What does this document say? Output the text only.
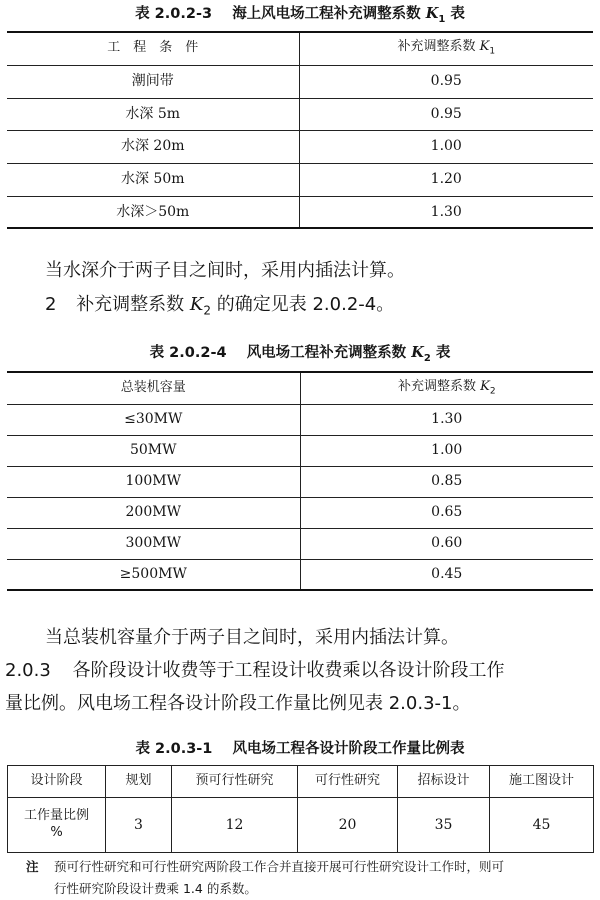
表 2.0.2-3 海上风电场工程补充调整系数 $K_1$ 表
工　程　条　件	补充调整系数 $K_1$
潮间带	0.95
水深 5m	0.95
水深 20m	1.00
水深 50m	1.20
水深＞50m	1.30
当水深介于两子目之间时，采用内插法计算。
2 补充调整系数 $K_2$ 的确定见表 2.0.2-4。
表 2.0.2-4 风电场工程补充调整系数 $K_2$ 表
总装机容量	补充调整系数 $K_2$
≤30MW	1.30
50MW	1.00
100MW	0.85
200MW	0.65
300MW	0.60
≥500MW	0.45
当总装机容量介于两子目之间时，采用内插法计算。
2.0.3 各阶段设计收费等于工程设计收费乘以各设计阶段工作
量比例。风电场工程各设计阶段工作量比例见表 2.0.3-1。
表 2.0.3-1 风电场工程各设计阶段工作量比例表
设计阶段	规划	预可行性研究	可行性研究	招标设计	施工图设计

工作量比例
%	3	12	20	35	45
注 预可行性研究和可行性研究两阶段工作合并直接开展可行性研究设计工作时，则可
行性研究阶段设计费乘 1.4 的系数。
